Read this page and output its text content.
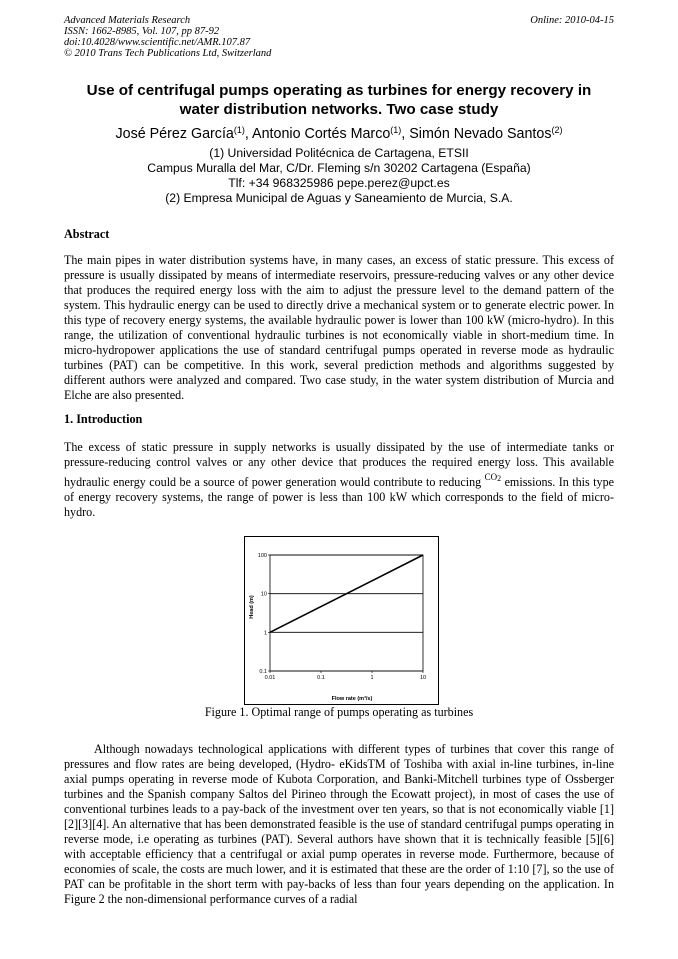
Advanced Materials Research
ISSN: 1662-8985, Vol. 107, pp 87-92
doi:10.4028/www.scientific.net/AMR.107.87
© 2010 Trans Tech Publications Ltd, Switzerland
Online: 2010-04-15
Use of centrifugal pumps operating as turbines for energy recovery in
water distribution networks. Two case study
José Pérez García$^{(1)}$, Antonio Cortés Marco$^{(1)}$, Simón Nevado Santos$^{(2)}$
(1) Universidad Politécnica de Cartagena, ETSII
Campus Muralla del Mar, C/Dr. Fleming s/n 30202 Cartagena (España)
Tlf: +34 968325986 pepe.perez@upct.es
(2) Empresa Municipal de Aguas y Saneamiento de Murcia, S.A.
Abstract

The main pipes in water distribution systems have, in many cases, an excess of static pressure. This excess of pressure is usually dissipated by means of intermediate reservoirs, pressure-reducing valves or any other device that produces the required energy loss with the aim to adjust the pressure level to the demand pattern of the system. This hydraulic energy can be used to directly drive a mechanical system or to generate electric power. In this type of recovery energy systems, the available hydraulic power is lower than 100 kW (micro-hydro). In this range, the utilization of conventional hydraulic turbines is not economically viable in short-medium time. In micro-hydropower applications the use of standard centrifugal pumps operated in reverse mode as hydraulic turbines (PAT) can be competitive. In this work, several prediction methods and algorithms suggested by different authors were analyzed and compared. Two case study, in the water system distribution of Murcia and Elche are also presented.

1. Introduction

The excess of static pressure in supply networks is usually dissipated by the use of intermediate tanks or pressure-reducing control valves or any other device that produces the required energy loss. This available hydraulic energy could be a source of power generation would contribute to reducing $^{CO2}$ emissions. In this type of energy recovery systems, the range of power is less than 100 kW which corresponds to the field of micro-hydro.

0.1
1
10
100
0.01	0.1	1	10
Flow rate (m³/s)
Head (m)
Figure 1. Optimal range of pumps operating as turbines

Although nowadays technological applications with different types of turbines that cover this range of pressures and flow rates are being developed, (Hydro- eKidsTM of Toshiba with axial in-line turbines, in-line axial pumps operating in reverse mode of Kubota Corporation, and Banki-Mitchell turbines type of Ossberger turbines and the Spanish company Saltos del Pirineo through the Ecowatt project), in most of cases the use of conventional turbines leads to a pay-back of the investment over ten years, so that is not economically viable [1][2][3][4]. An alternative that has been demonstrated feasible is the use of standard centrifugal pumps operating in reverse mode, i.e operating as turbines (PAT). Several authors have shown that it is technically feasible [5][6] with acceptable efficiency that a centrifugal or axial pump operates in reverse mode. Furthermore, because of economies of scale, the costs are much lower, and it is estimated that these are the order of 1:10 [7], so the use of PAT can be profitable in the short term with pay-backs of less than four years depending on the application. In Figure 2 the non-dimensional performance curves of a radial
